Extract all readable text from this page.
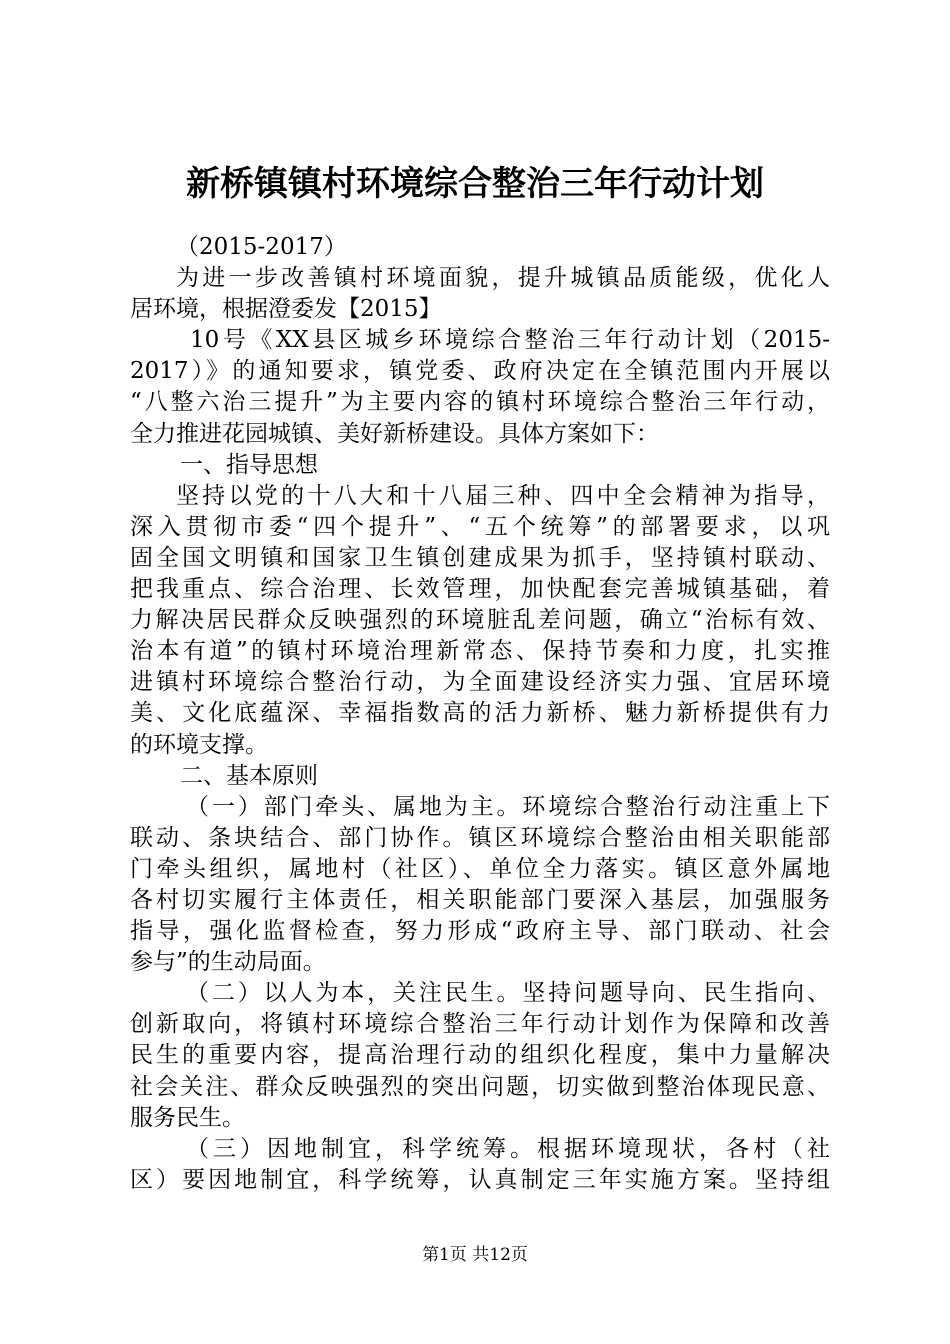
新桥镇镇村环境综合整治三年行动计划
（2015-2017）
为进一步改善镇村环境面貌，提升城镇品质能级，优化人
居环境，根据澄委发【2015】
10号《XX县区城乡环境综合整治三年行动计划（2015-
2017）》的通知要求，镇党委、政府决定在全镇范围内开展以
“八整六治三提升”为主要内容的镇村环境综合整治三年行动，
全力推进花园城镇、美好新桥建设。具体方案如下：
一、指导思想
坚持以党的十八大和十八届三种、四中全会精神为指导，
深入贯彻市委“四个提升”、“五个统筹”的部署要求，以巩
固全国文明镇和国家卫生镇创建成果为抓手，坚持镇村联动、
把我重点、综合治理、长效管理，加快配套完善城镇基础，着
力解决居民群众反映强烈的环境脏乱差问题，确立“治标有效、
治本有道”的镇村环境治理新常态、保持节奏和力度，扎实推
进镇村环境综合整治行动，为全面建设经济实力强、宜居环境
美、文化底蕴深、幸福指数高的活力新桥、魅力新桥提供有力
的环境支撑。
二、基本原则
（一）部门牵头、属地为主。环境综合整治行动注重上下
联动、条块结合、部门协作。镇区环境综合整治由相关职能部
门牵头组织，属地村（社区）、单位全力落实。镇区意外属地
各村切实履行主体责任，相关职能部门要深入基层，加强服务
指导，强化监督检查，努力形成“政府主导、部门联动、社会
参与”的生动局面。
（二）以人为本，关注民生。坚持问题导向、民生指向、
创新取向，将镇村环境综合整治三年行动计划作为保障和改善
民生的重要内容，提高治理行动的组织化程度，集中力量解决
社会关注、群众反映强烈的突出问题，切实做到整治体现民意、
服务民生。
（三）因地制宜，科学统筹。根据环境现状，各村（社
区）要因地制宜，科学统筹，认真制定三年实施方案。坚持组
第1页 共12页
